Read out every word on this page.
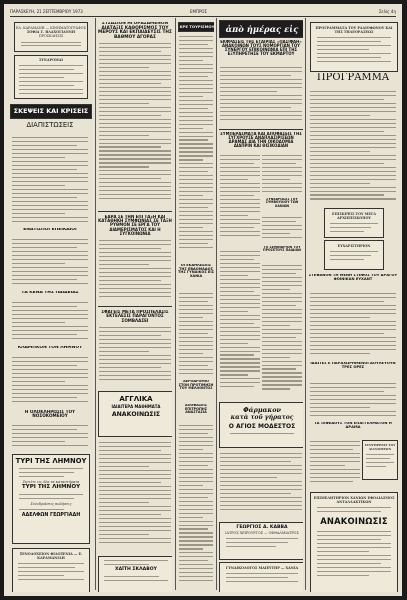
ΠΑΡΑΣΚΕΥΗ, 21 ΣΕΠΤΕΜΒΡΙΟΥ 1973	ΕΜΠΡΟΣ	Σελίς 4η
ΕΛ. ΚΑΡΑΜΑΝΗ — ΚΙΝΗΜΑΤΟΓΡΑΦΟΣ
ΣΟΦΙΑ Γ. ΒΛΑΧΟΓΙΑΝΝΗ
ΠΡΟΣΚΛΗΣΙΣ
ΣΥΝΔΡΟΜΑΙ
ΣΚΕΨΕΙΣ ΚΑΙ ΚΡΙΣΕΙΣ
ΔΙΑΠΙΣΤΩΣΕΙΣ
ΕΝΑΤΙΣΠΟΙ ΕΠΕΙΚΑΙΟΙ
ΤΑ ΚΕΝΑ ΤΗΣ ΠΑΙΔΕΙΑΣ
ΚΛΑΜΠΚΟΝ ΤΟΝ ΛΗΜΝΟΥ
Η ΟΛΟΚΛΗΡΩΣΙΣ ΤΟΥ ΝΟΣΟΚΟΜΕΙΟΥ
ΤΥΡΙ ΤΗΣ ΛΗΜΝΟΥ
Ζητείτε εις όλα τα καταστήματα
ΤΥΡΙ ΤΗΣ ΛΗΜΝΟΥ
Συνεδριάσεις πωλήσεις
ΑΔΕΛΦΩΝ ΓΕΩΡΓΙΑΔΗ
ΞΕΝΟΔΟΧΕΙΟΝ ΦΙΛΟΞΕΝΙΑ — Ε. ΚΑΡΑΜΑΝΙΔΗ
ΣΤΣΑΣΙΟΝ ΗΓΟΡΑΣΑΜΕΝΟΝ ΔΙΑΤΑΞΙΣ ΚΑΘΟΡΙΣΜΟΣ ΤΟΥ ΜΕΡΟΥΣ ΚΑΙ ΕΚΠΑΙΔΕΥΣΙΣ ΤΗΣ ΒΑΘΜΟΥ ΑΓΟΡΑΣ
ΕΔΡΑ ΣΕ ΤΗΝ ΕΠΙ ΤΑΞΗ ΚΑΙ ΚΑΤΑΘΗΚΗ ΣΥΜΦΩΝΙΑΣ ΣΕ ΤΑΞΗ ΡΥΘΜΟΝ ΣΕ ΕΡΓΑ ΤΟΥ ΔΙΑΜΕΡΙΣΜΑΤΟΣ ΚΑΙ Η ΣΥΓΚΟΙΝΩΝΙΑ
ΣΦΑΓΕΙΣ ΜΕΤΑ ΠΡΟΣΠΕΛΑΣΙΣ ΕΚΤΕΛΕΣΙΣ ΠΑΡΑΓΟΝΤΟΣ ΣΟΜΒΛΑΣΕΙ
ΑΓΓΛΙΚΑ
ΙΔΙΑΙΤΕΡΑ ΜΑΘΗΜΑΤΑ
ΑΝΑΚΟΙΝΩΣΙΣ
ΧΑΪΤΗ ΣΚΛΑΒΟΥ
ΚΡΕ ΤΟΥΡΙΣΜΟΥ
ΟΙ ΕΚΔΗΛΩΣΕΙΣ ΤΗΣ ΕΒΔΟΜΑΔΟΣ ΤΗΣ ΓΥΝΑΙΚΟΣ ΕΙΣ ΧΑΝΙΑ
ΑΕΡΟΔΡΟΜΙΟ ΣΤΟΝ ΠΡΟΤΙΜΗΣΗ ΤΟΥ ΜΕΛΛΟΝΤΟΣ
ΑΠΟΦΑΣΕΙΣ ΕΠΙΤΡΟΠΗΣ ΑΝΑΣΤΑΣΙΑ
ἀπὸ ἡμέρας εἰς
ΕΚΦΡΑΣΕΙΣ ΤΗΣ ΕΤΑΙΡΙΑΣ «ΠΑΣΙΦΑΗ» ΑΝΑΚΟΙΝΩΝ ΤΟΥΣ ΝΟΜΟΡΓΙΑΝ ΤΟΥ ΣΥΝΕΡΓΟΥ ΕΠΙΚΟΙΝΩΝΙΑ ΕΠΙ ΤΗΣ ΕΞΥΠΗΡΕΤΗΣΕ ΤΟΥ ΕΚΜΑΡΤΟΥ
ΣΥΜΠΕΡΑΣΜΑΤΑ ΚΑΙ ΑΠΟΦΑΣΕΙΣ ΤΗΣ ΣΥΓΧΡΟΥΣΕ ΑΝΑΠΛΑΣΙΡΙΣΕΩΝ ΔΡΑΜΑΣ ΔΙΑ ΤΗΝ ΟΙΚΟΔΟΜΙΑ ΔΙΑΠΡΙΝ ΚΑΙ ΘΙΣΙΚΟΔΙΑΝ
ΣΥΝΕΔΡΙΑΣΙΣ ΤΟΥ ΣΥΜΒΟΥΛΙΟΥ ΤΩΝ ΧΑΝΙΩΝ
ΤΟ ΣΕΜΙΝΑΡΙΟΝ ΤΟΥ ΠΡΟΣΕΤΟΥΣ ΠΑΙΔΙΩΝ
Φάρμακον
κατὰ τοῦ γήρατος
Ο ΑΓΙΟΣ ΜΟΔΕΣΤΟΣ
ΓΕΩΡΓΙΟΣ Δ. ΚΑΒΒΑ
ΙΑΤΡΟΣ ΧΕΙΡΟΥΡΓΟΣ — ΟΦΘΑΛΜΙΑΤΡΟΣ
ΓΥΝΑΙΚΟΛΟΓΟΣ ΜΑΙΕΥΤΗΡ — ΧΑΝΙΑ
ΠΡΟΓΡΑΜΜΑΤΑ ΤΟΥ ΡΑΔΙΟΦΩΝΟΥ ΚΑΙ ΤΗΣ ΤΗΛΕΟΡΑΣΕΩΣ
ΠΡΟΓΡΑΜΜΑ
ΕΠΙΣΚΕΨΙΣ ΤΟΥ ΜΕΓΑ ΑΡΧΙΕΠΙΣΚΟΠΟΥ
ΕΥΧΑΡΙΣΤΗΡΙΟΝ
ΣΤΕΦΑΝΟΝ ΤΗ ΜΕΝΗ ΣΤΕΦΟΣ ΤΟΥ ΔΡΑΓΟΥ ΦΟΙΝΙΚΑΝ ΕΥΧΑΝΤ
ΙΔΙΩΤΕΣ Ε ΠΑΡΑΧΩΡΗΜΕΝΟΙ ΔΟΥΛΕΥΟΥΝ ΤΡΕΣ ΟΡΕΣ
ΤΑ ΞΕΦΕΔΟΥΣ ΤΟΝ ΕΠΑΓΓΕΛΜΑΤΟΝ Η ΔΡΑΜΑ
ΣΥΝΤΗΡΗΣΙΣ ΤΟΥ ΔΙΑΝΟΜΕΩΝ
ΕΠΙΜΕΛΗΤΗΡΙΟΝ ΧΑΝΙΩΝ ΕΦΟΔΙΑΣΜΟΣ ΑΝΤΑΛΛΑΚΤΙΚΩΝ
ΑΝΑΚΟΙΝΩΣΙΣ
